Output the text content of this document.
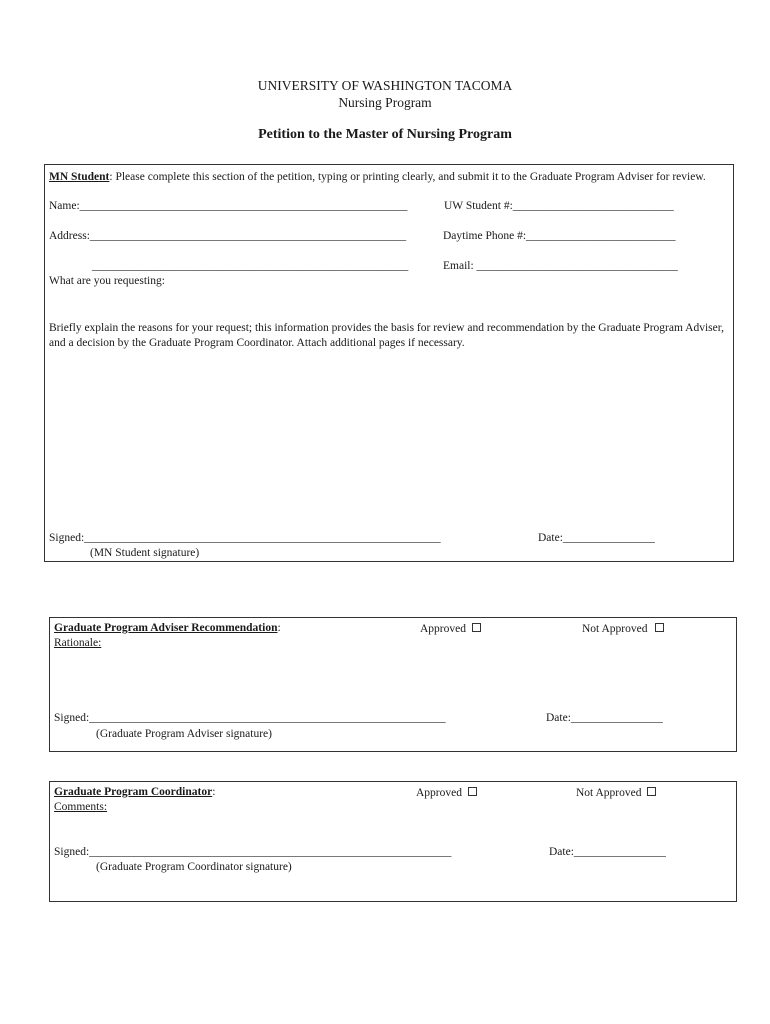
UNIVERSITY OF WASHINGTON TACOMA
Nursing Program
Petition to the Master of Nursing Program
MN Student: Please complete this section of the petition, typing or printing clearly, and submit it to the Graduate Program Adviser for review.
Name:_________________________________________________________	UW Student #:____________________________
Address:_______________________________________________________	Daytime Phone #:__________________________
_______________________________________________________	Email: ___________________________________
What are you requesting:
Briefly explain the reasons for your request; this information provides the basis for review and recommendation by the Graduate Program Adviser, and a decision by the Graduate Program Coordinator. Attach additional pages if necessary.
Signed:______________________________________________________________	Date:________________
(MN Student signature)
Graduate Program Adviser Recommendation:	Approved	Not Approved
Rationale:
Signed:______________________________________________________________	Date:________________
(Graduate Program Adviser signature)
Graduate Program Coordinator:	Approved	Not Approved
Comments:
Signed:_______________________________________________________________	Date:________________
(Graduate Program Coordinator signature)
